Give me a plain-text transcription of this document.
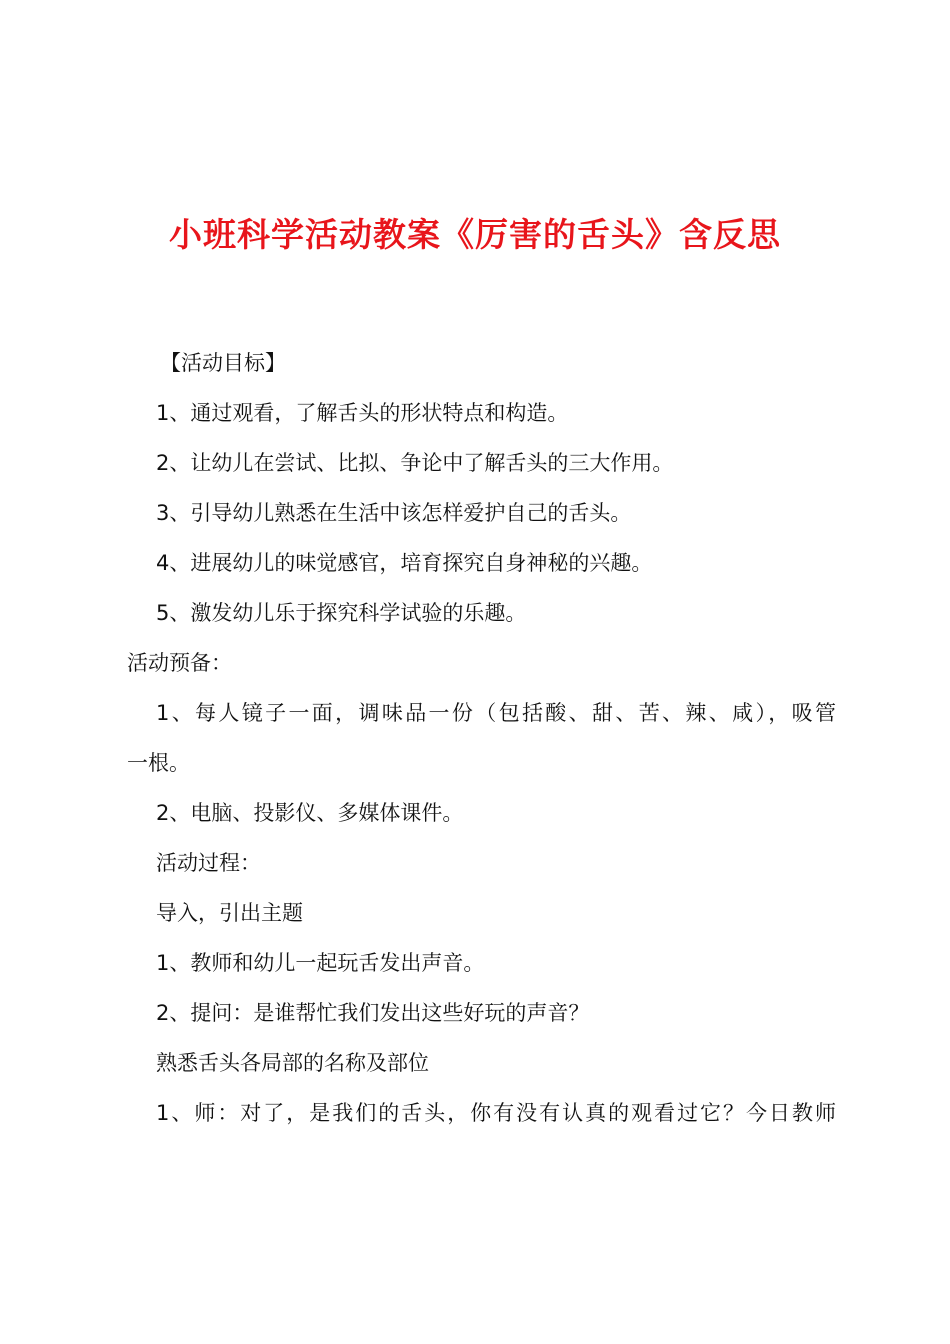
小班科学活动教案《厉害的舌头》含反思
【活动目标】
1、通过观看，了解舌头的形状特点和构造。
2、让幼儿在尝试、比拟、争论中了解舌头的三大作用。
3、引导幼儿熟悉在生活中该怎样爱护自己的舌头。
4、进展幼儿的味觉感官，培育探究自身神秘的兴趣。
5、激发幼儿乐于探究科学试验的乐趣。
活动预备：
1、每人镜子一面，调味品一份（包括酸、甜、苦、辣、咸），吸管
一根。
2、电脑、投影仪、多媒体课件。
活动过程：
导入，引出主题
1、教师和幼儿一起玩舌发出声音。
2、提问：是谁帮忙我们发出这些好玩的声音？
熟悉舌头各局部的名称及部位
1、师：对了，是我们的舌头，你有没有认真的观看过它？今日教师
